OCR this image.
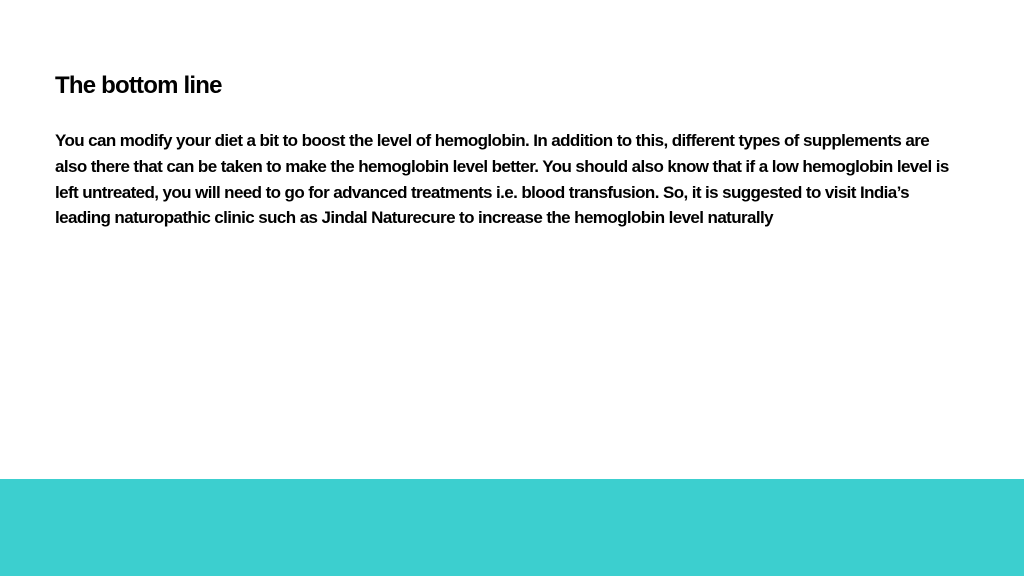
The bottom line

You can modify your diet a bit to boost the level of hemoglobin. In addition to this, different types of supplements are also there that can be taken to make the hemoglobin level better. You should also know that if a low hemoglobin level is left untreated, you will need to go for advanced treatments i.e. blood transfusion. So, it is suggested to visit India’s leading naturopathic clinic such as Jindal Naturecure to increase the hemoglobin level naturally
